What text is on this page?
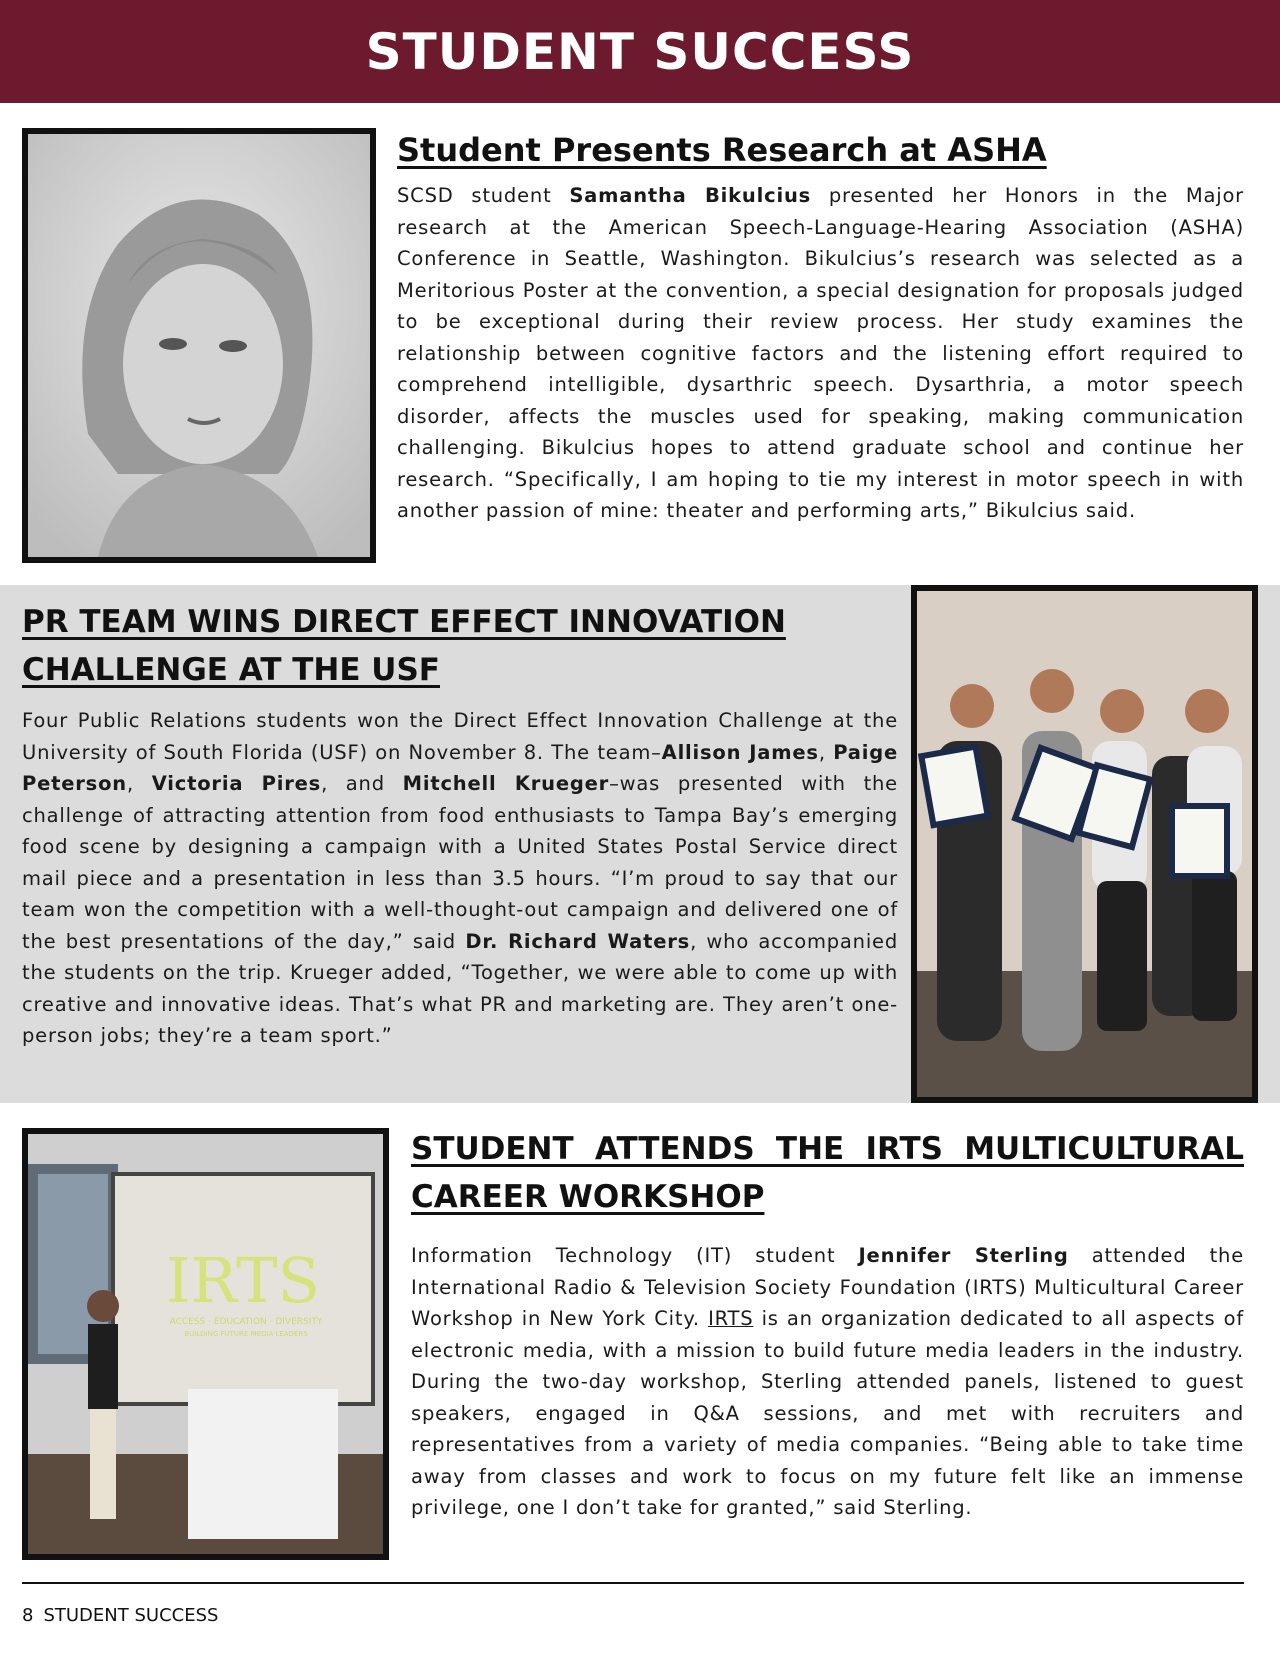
STUDENT SUCCESS
Student Presents Research at ASHA
SCSD student Samantha Bikulcius presented her Honors in the Major research at the American Speech-Language-Hearing Association (ASHA) Conference in Seattle, Washington. Bikulcius’s research was selected as a Meritorious Poster at the convention, a special designation for proposals judged to be exceptional during their review process. Her study examines the relationship between cognitive factors and the listening effort required to comprehend intelligible, dysarthric speech. Dysarthria, a motor speech disorder, affects the muscles used for speaking, making communication challenging. Bikulcius hopes to attend graduate school and continue her research. “Specifically, I am hoping to tie my interest in motor speech in with another passion of mine: theater and performing arts,” Bikulcius said.
PR TEAM WINS DIRECT EFFECT INNOVATION
CHALLENGE AT THE USF
Four Public Relations students won the Direct Effect Innovation Challenge at the University of South Florida (USF) on November 8. The team–Allison James, Paige Peterson, Victoria Pires, and Mitchell Krueger–was presented with the challenge of attracting attention from food enthusiasts to Tampa Bay’s emerging food scene by designing a campaign with a United States Postal Service direct mail piece and a presentation in less than 3.5 hours. “I’m proud to say that our team won the competition with a well-thought-out campaign and delivered one of the best presentations of the day,” said Dr. Richard Waters, who accompanied the students on the trip. Krueger added, “Together, we were able to come up with creative and innovative ideas. That’s what PR and marketing are. They aren’t one-person jobs; they’re a team sport.”
IRTS
ACCESS · EDUCATION · DIVERSITY
BUILDING FUTURE MEDIA LEADERS
STUDENT ATTENDS THE IRTS MULTICULTURAL
CAREER WORKSHOP
Information Technology (IT) student Jennifer Sterling attended the International Radio & Television Society Foundation (IRTS) Multicultural Career Workshop in New York City. IRTS is an organization dedicated to all aspects of electronic media, with a mission to build future media leaders in the industry. During the two-day workshop, Sterling attended panels, listened to guest speakers, engaged in Q&A sessions, and met with recruiters and representatives from a variety of media companies. “Being able to take time away from classes and work to focus on my future felt like an immense privilege, one I don’t take for granted,” said Sterling.
8 STUDENT SUCCESS
